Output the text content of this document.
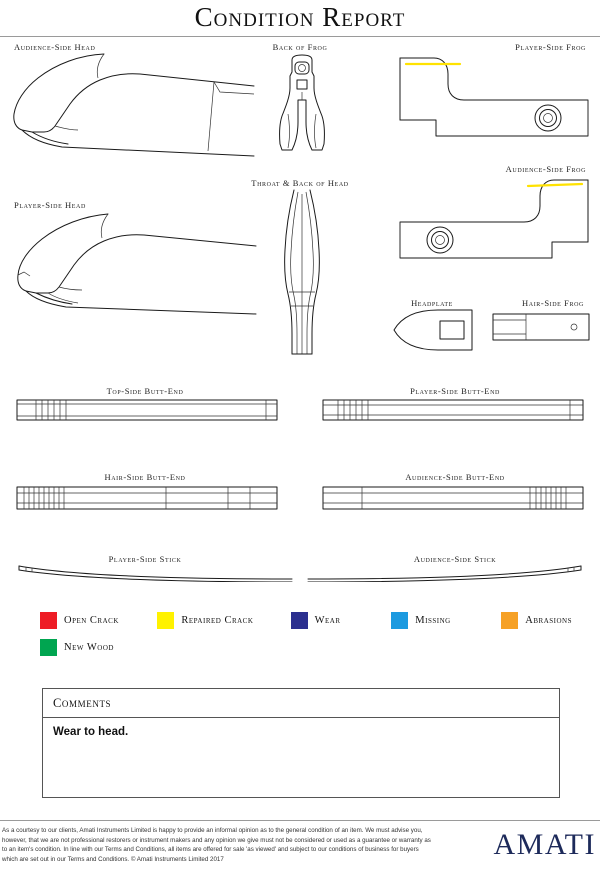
Condition Report
Audience-Side Head	Back of Frog	Player-Side Frog
Audience-Side Frog
Throat & Back of Head
Player-Side Head
Headplate	Hair-Side Frog
Top-Side Butt-End	Player-Side Butt-End
Hair-Side Butt-End	Audience-Side Butt-End
Player-Side Stick	Audience-Side Stick
Open Crack	Repaired Crack	Wear	Missing	Abrasions
New Wood
Comments
Wear to head.
As a courtesy to our clients, Amati Instruments Limited is happy to provide an informal opinion as to the general condition of an item. We must advise you, however, that we are not professional restorers or instrument makers and any opinion we give must not be considered or used as a guarantee or warranty as to an item's condition. In line with our Terms and Conditions, all items are offered for sale 'as viewed' and subject to our conditions of business for buyers which are set out in our Terms and Conditions. © Amati Instruments Limited 2017	AMATI
